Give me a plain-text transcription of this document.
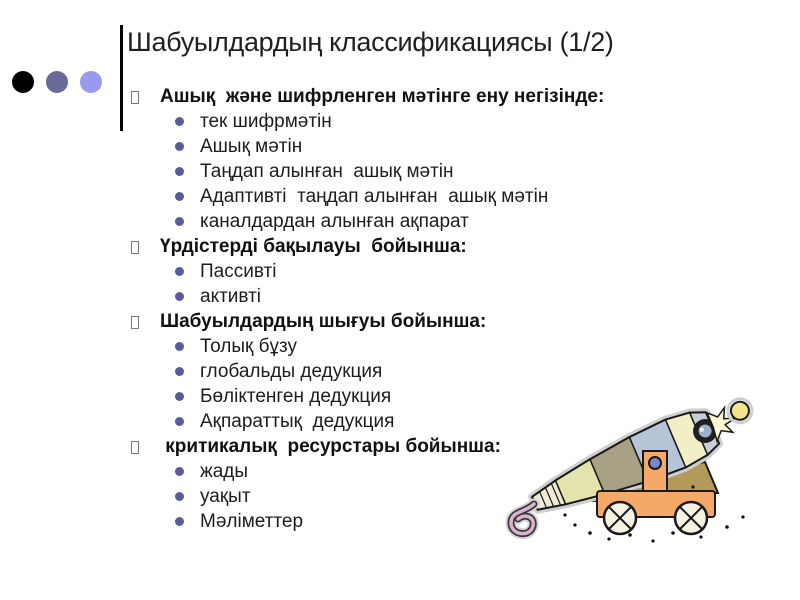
Шабуылдардың классификациясы (1/2)
Ашық  және шифрленген мәтінге ену негізінде:
тек шифрмәтін
Ашық мәтін
Таңдап алынған  ашық мәтін
Адаптивті  таңдап алынған  ашық мәтін
каналдардан алынған ақпарат
Үрдістерді бақылауы  бойынша:
Пассивті
активті
Шабуылдардың шығуы бойынша:
Толық бұзу
глобальды дедукция
Бөліктенген дедукция
Ақпараттық  дедукция
критикалық  ресурстары бойынша:
жады
уақыт
Мәліметтер
